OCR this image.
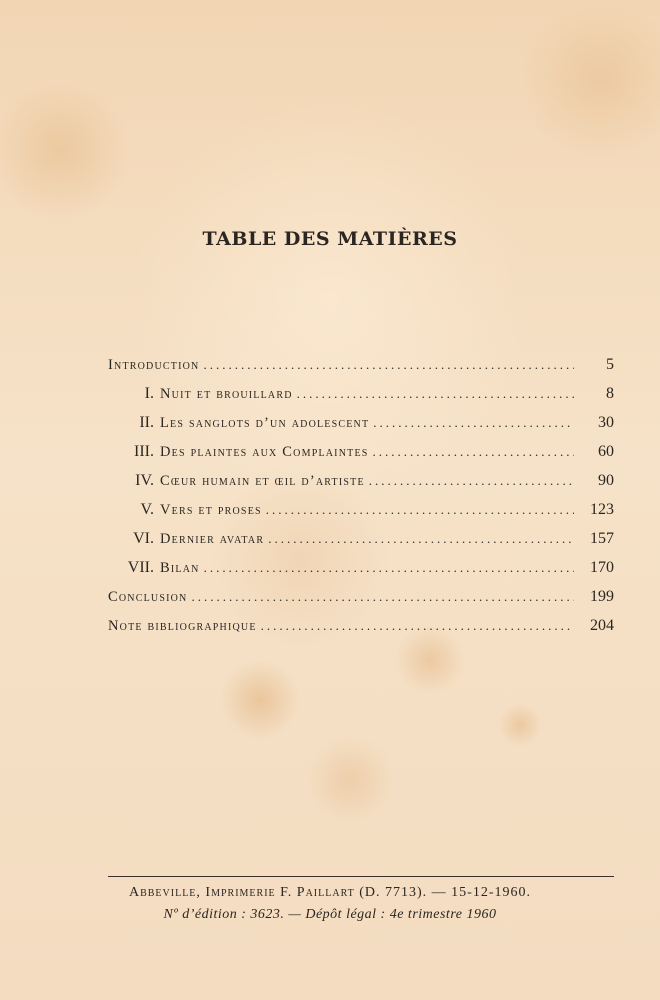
TABLE DES MATIÈRES
Introduction .....	5
I. Nuit et brouillard .....	8
II. Les sanglots d’un adolescent .....	30
III. Des plaintes aux Complaintes .....	60
IV. Cœur humain et œil d’artiste .....	90
V. Vers et proses .....	123
VI. Dernier avatar .....	157
VII. Bilan .....	170
Conclusion .....	199
Note bibliographique .....	204
Abbeville, Imprimerie F. Paillart (D. 7713). — 15-12-1960.
Nº d’édition : 3623. — Dépôt légal : 4e trimestre 1960
